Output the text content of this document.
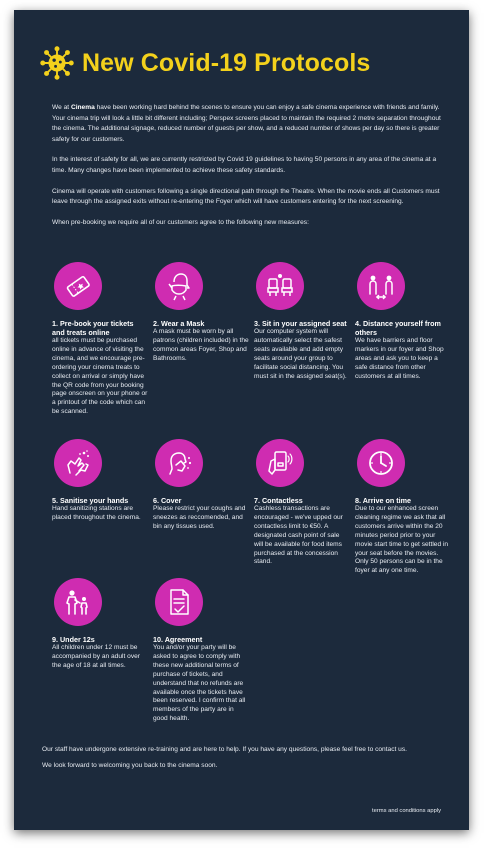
New Covid-19 Protocols

We at Cinema have been working hard behind the scenes to ensure you can enjoy a safe cinema experience with friends and family. Your cinema trip will look a little bit different including; Perspex screens placed to maintain the required 2 metre separation throughout the cinema. The additional signage, reduced number of guests per show, and a reduced number of shows per day so there is greater safety for our customers.

In the interest of safety for all, we are currently restricted by Covid 19 guidelines to having 50 persons in any area of the cinema at a time. Many changes have been implemented to achieve these safety standards.

Cinema will operate with customers following a single directional path through the Theatre. When the movie ends all Customers must leave through the assigned exits without re-entering the Foyer which will have customers entering for the next screening.

When pre-booking we require all of our customers agree to the following new measures:

1. Pre-book your tickets and treats online
all tickets must be purchased online in advance of visiting the cinema, and we encourage pre-ordering your cinema treats to collect on arrival or simply have the QR code from your booking page onscreen on your phone or a printout of the code which can be scanned.
2. Wear a Mask
A mask must be worn by all patrons (children included) in the common areas Foyer, Shop and Bathrooms.
3. Sit in your assigned seat
Our computer system will automatically select the safest seats available and add empty seats around your group to facilitate social distancing. You must sit in the assigned seat(s).
4. Distance yourself from others
We have barriers and floor markers in our foyer and Shop areas and ask you to keep a safe distance from other customers at all times.
5. Sanitise your hands
Hand sanitizing stations are placed throughout the cinema.
6. Cover
Please restrict your coughs and sneezes as reccomended, and bin any tissues used.
7. Contactless
Cashless transactions are encouraged - we've upped our contactless limit to €50. A designated cash point of sale will be available for food items purchased at the concession stand.
8. Arrive on time
Due to our enhanced screen cleaning regime we ask that all customers arrive within the 20 minutes period prior to your movie start time to get settled in your seat before the movies. Only 50 persons can be in the foyer at any one time.
9. Under 12s
All children under 12 must be accompanied by an adult over the age of 18 at all times.
10. Agreement
You and/or your party will be asked to agree to comply with these new additional terms of purchase of tickets, and understand that no refunds are available once the tickets have been reserved. I confirm that all members of the party are in good health.

Our staff have undergone extensive re-training and are here to help. If you have any questions, please feel free to contact us.

We look forward to welcoming you back to the cinema soon.

terms and conditions apply
